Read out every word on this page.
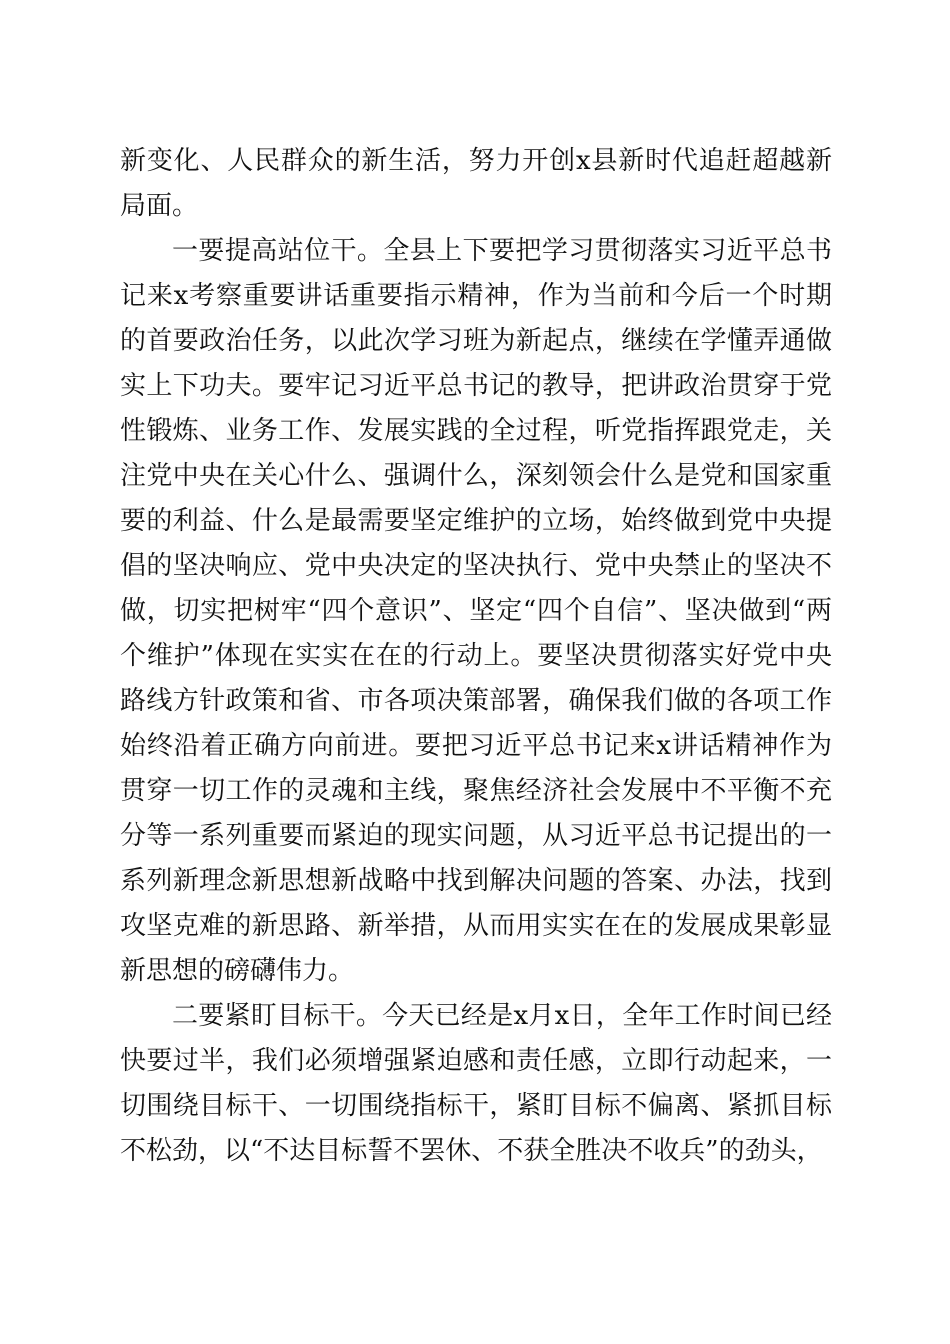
新变化、人民群众的新生活，努力开创x县新时代追赶超越新局面。

一要提高站位干。全县上下要把学习贯彻落实习近平总书记来x考察重要讲话重要指示精神，作为当前和今后一个时期的首要政治任务，以此次学习班为新起点，继续在学懂弄通做实上下功夫。要牢记习近平总书记的教导，把讲政治贯穿于党性锻炼、业务工作、发展实践的全过程，听党指挥跟党走，关注党中央在关心什么、强调什么，深刻领会什么是党和国家重要的利益、什么是最需要坚定维护的立场，始终做到党中央提倡的坚决响应、党中央决定的坚决执行、党中央禁止的坚决不做，切实把树牢“四个意识”、坚定“四个自信”、坚决做到“两个维护”体现在实实在在的行动上。要坚决贯彻落实好党中央路线方针政策和省、市各项决策部署，确保我们做的各项工作始终沿着正确方向前进。要把习近平总书记来x讲话精神作为贯穿一切工作的灵魂和主线，聚焦经济社会发展中不平衡不充分等一系列重要而紧迫的现实问题，从习近平总书记提出的一系列新理念新思想新战略中找到解决问题的答案、办法，找到攻坚克难的新思路、新举措，从而用实实在在的发展成果彰显新思想的磅礴伟力。

二要紧盯目标干。今天已经是x月x日，全年工作时间已经快要过半，我们必须增强紧迫感和责任感，立即行动起来，一切围绕目标干、一切围绕指标干，紧盯目标不偏离、紧抓目标不松劲，以“不达目标誓不罢休、不获全胜决不收兵”的劲头，
